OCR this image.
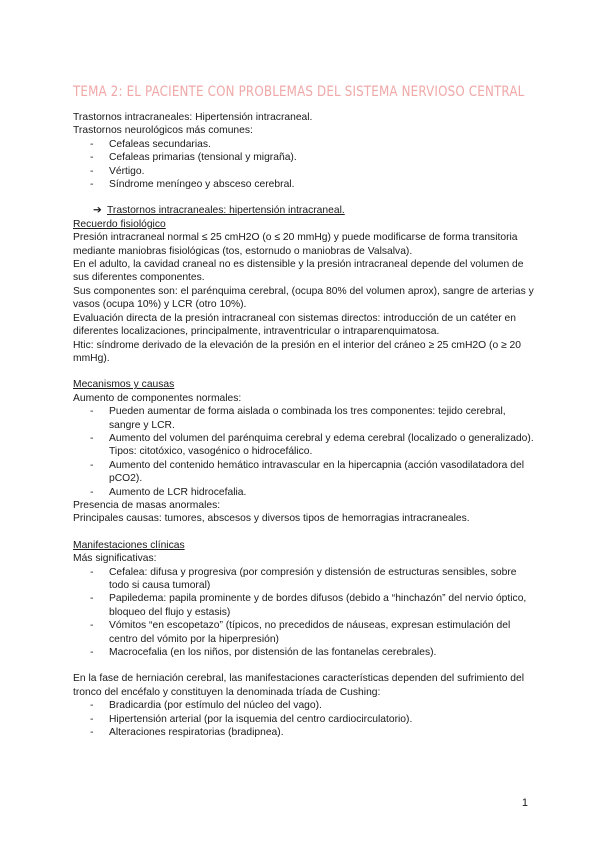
TEMA 2: EL PACIENTE CON PROBLEMAS DEL SISTEMA NERVIOSO CENTRAL

Trastornos intracraneales: Hipertensión intracraneal.

Trastornos neurológicos más comunes:

- Cefaleas secundarias.
- Cefaleas primarias (tensional y migraña).
- Vértigo.
- Síndrome meníngeo y absceso cerebral.

➔ Trastornos intracraneales: hipertensión intracraneal.

Recuerdo fisiológico

Presión intracraneal normal ≤ 25 cmH2O (o ≤ 20 mmHg) y puede modificarse de forma transitoria mediante maniobras fisiológicas (tos, estornudo o maniobras de Valsalva).

En el adulto, la cavidad craneal no es distensible y la presión intracraneal depende del volumen de sus diferentes componentes.

Sus componentes son: el parénquima cerebral, (ocupa 80% del volumen aprox), sangre de arterias y vasos (ocupa 10%) y LCR (otro 10%).

Evaluación directa de la presión intracraneal con sistemas directos: introducción de un catéter en diferentes localizaciones, principalmente, intraventricular o intraparenquimatosa.

Htic: síndrome derivado de la elevación de la presión en el interior del cráneo ≥ 25 cmH2O (o ≥ 20 mmHg).

Mecanismos y causas

Aumento de componentes normales:

- Pueden aumentar de forma aislada o combinada los tres componentes: tejido cerebral, sangre y LCR.
- Aumento del volumen del parénquima cerebral y edema cerebral (localizado o generalizado). Tipos: citotóxico, vasogénico o hidrocefálico.
- Aumento del contenido hemático intravascular en la hipercapnia (acción vasodilatadora del pCO2).
- Aumento de LCR hidrocefalia.

Presencia de masas anormales:

Principales causas: tumores, abscesos y diversos tipos de hemorragias intracraneales.

Manifestaciones clínicas

Más significativas:

- Cefalea: difusa y progresiva (por compresión y distensión de estructuras sensibles, sobre todo si causa tumoral)
- Papiledema: papila prominente y de bordes difusos (debido a “hinchazón” del nervio óptico, bloqueo del flujo y estasis)
- Vómitos “en escopetazo” (típicos, no precedidos de náuseas, expresan estimulación del centro del vómito por la hiperpresión)
- Macrocefalia (en los niños, por distensión de las fontanelas cerebrales).

En la fase de herniación cerebral, las manifestaciones características dependen del sufrimiento del tronco del encéfalo y constituyen la denominada tríada de Cushing:

- Bradicardia (por estímulo del núcleo del vago).
- Hipertensión arterial (por la isquemia del centro cardiocirculatorio).
- Alteraciones respiratorias (bradipnea).
1
